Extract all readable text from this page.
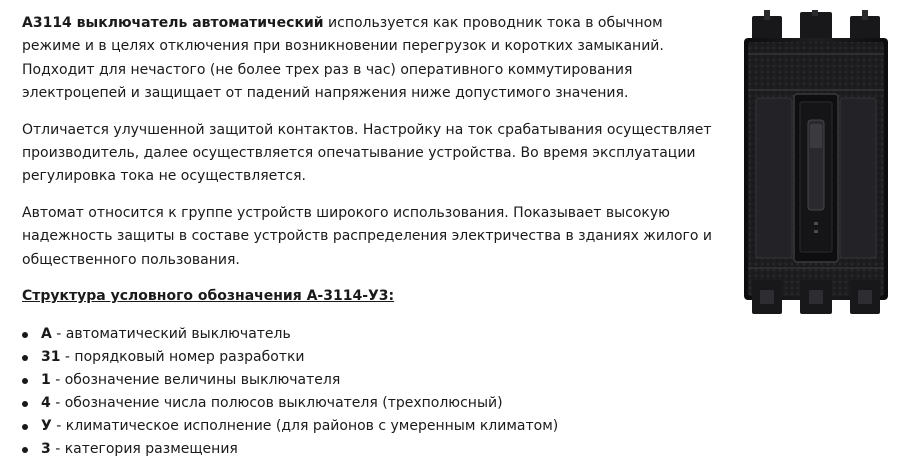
А3114 выключатель автоматический используется как проводник тока в обычном режиме и в целях отключения при возникновении перегрузок и коротких замыканий. Подходит для нечастого (не более трех раз в час) оперативного коммутирования электроцепей и защищает от падений напряжения ниже допустимого значения.

Отличается улучшенной защитой контактов. Настройку на ток срабатывания осуществляет производитель, далее осуществляется опечатывание устройства. Во время эксплуатации регулировка тока не осуществляется.

Автомат относится к группе устройств широкого использования. Показывает высокую надежность защиты в составе устройств распределения электричества в зданиях жилого и общественного пользования.

Структура условного обозначения А-3114-У3:
А - автоматический выключатель
31 - порядковый номер разработки
1 - обозначение величины выключателя
4 - обозначение числа полюсов выключателя (трехполюсный)
У - климатическое исполнение (для районов с умеренным климатом)
3 - категория размещения
